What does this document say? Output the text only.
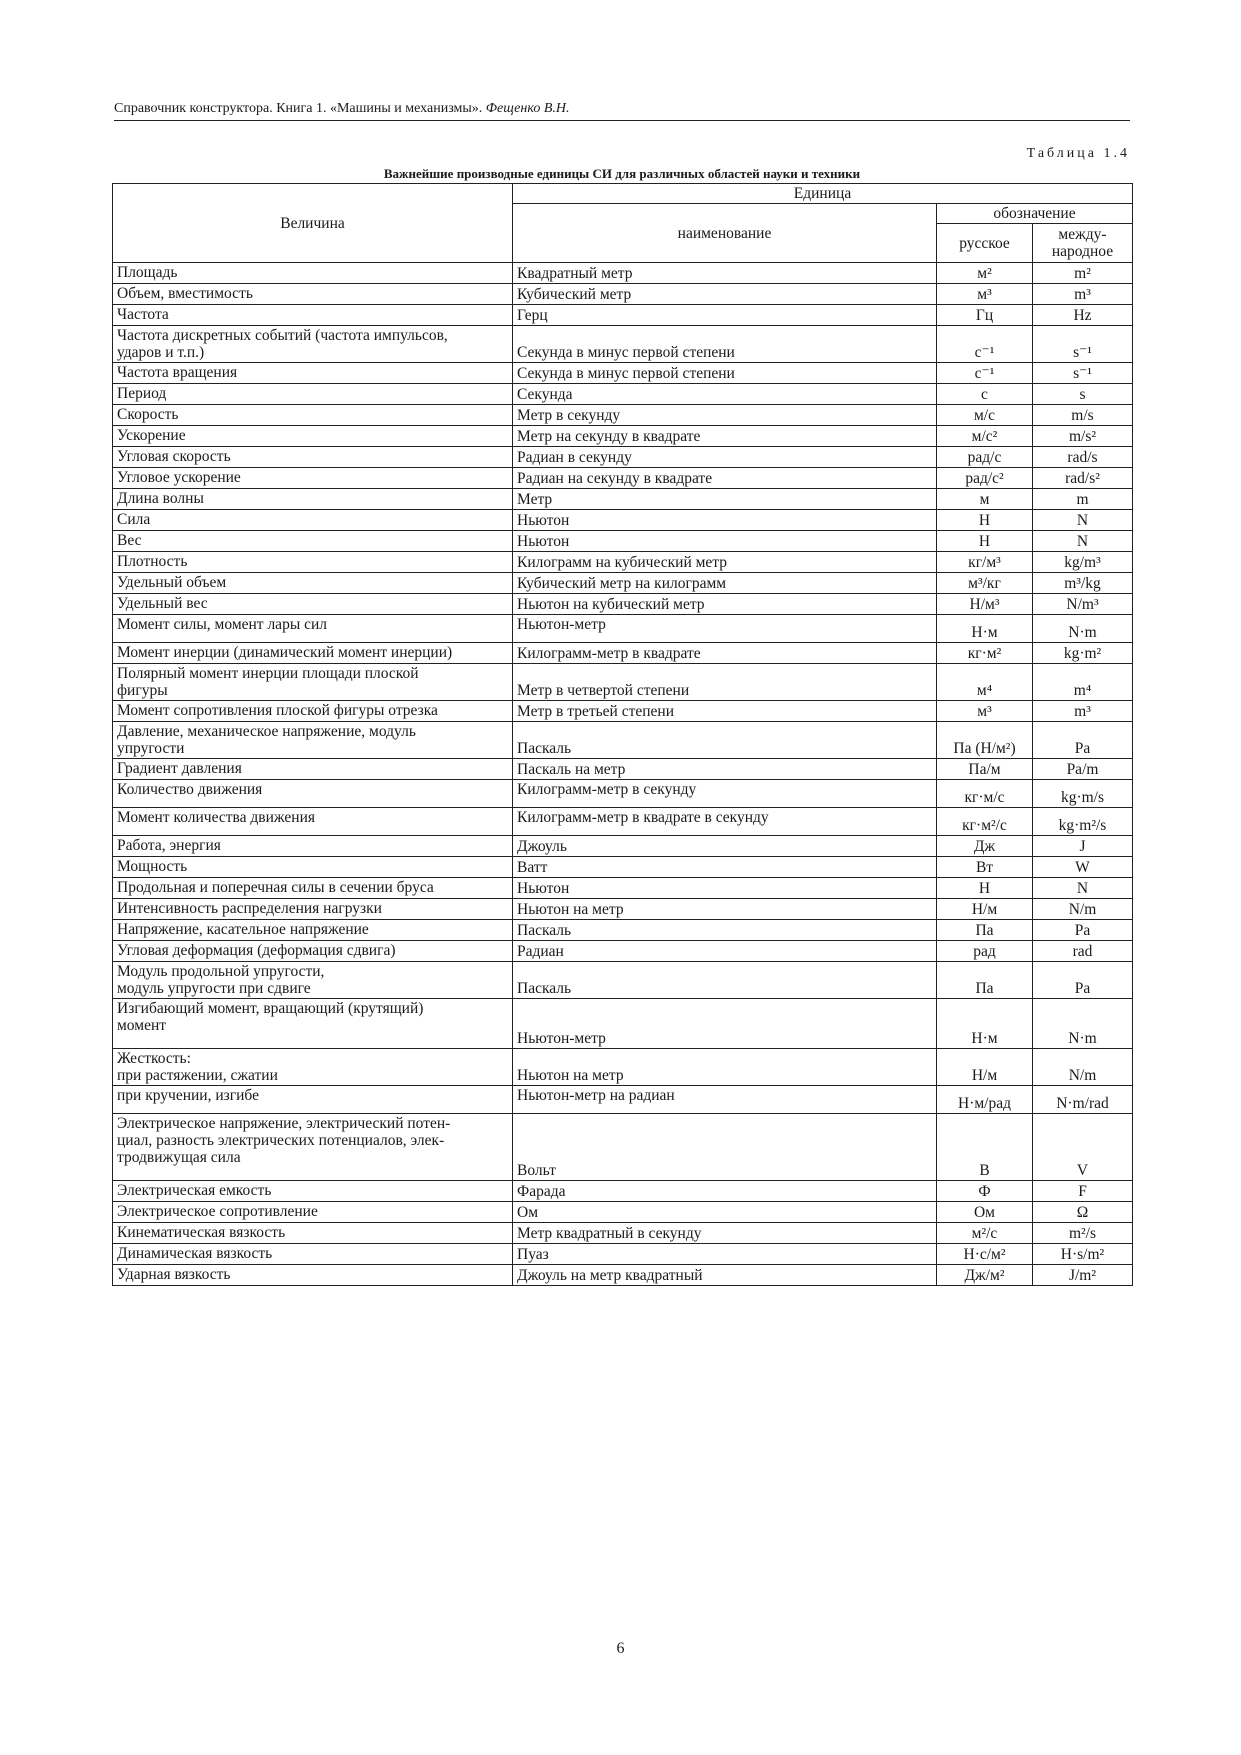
Справочник конструктора. Книга 1. «Машины и механизмы». Фещенко В.Н.
Таблица 1.4
Важнейшие производные единицы СИ для различных областей науки и техники
Величина	Единица		
	наименование	обозначение	
		русское	между-народное

Площадь	Квадратный метр	м²	m²

Объем, вместимость	Кубический метр	м³	m³

Частота	Герц	Гц	Hz

Частота дискретных событий (частота импульсов,
ударов и т.п.)	Секунда в минус первой степени	с⁻¹	s⁻¹

Частота вращения	Секунда в минус первой степени	с⁻¹	s⁻¹

Период	Секунда	с	s

Скорость	Метр в секунду	м/с	m/s

Ускорение	Метр на секунду в квадрате	м/с²	m/s²

Угловая скорость	Радиан в секунду	рад/с	rad/s

Угловое ускорение	Радиан на секунду в квадрате	рад/с²	rad/s²

Длина волны	Метр	м	m

Сила	Ньютон	Н	N

Вес	Ньютон	Н	N

Плотность	Килограмм на кубический метр	кг/м³	kg/m³

Удельный объем	Кубический метр на килограмм	м³/кг	m³/kg

Удельный вес	Ньютон на кубический метр	Н/м³	N/m³

Момент силы, момент лары сил	Ньютон-метр	Н·м	N·m

Момент инерции (динамический момент инерции)	Килограмм-метр в квадрате	кг·м²	kg·m²

Полярный момент инерции площади плоской
фигуры	Метр в четвертой степени	м⁴	m⁴

Момент сопротивления плоской фигуры отрезка	Метр в третьей степени	м³	m³

Давление, механическое напряжение, модуль
упругости	Паскаль	Па (Н/м²)	Pa

Градиент давления	Паскаль на метр	Па/м	Pa/m

Количество движения	Килограмм-метр в секунду	кг·м/с	kg·m/s

Момент количества движения	Килограмм-метр в квадрате в секунду	кг·м²/с	kg·m²/s

Работа, энергия	Джоуль	Дж	J

Мощность	Ватт	Вт	W

Продольная и поперечная силы в сечении бруса	Ньютон	Н	N

Интенсивность распределения нагрузки	Ньютон на метр	Н/м	N/m

Напряжение, касательное напряжение	Паскаль	Па	Pa

Угловая деформация (деформация сдвига)	Радиан	рад	rad

Модуль продольной упругости,
модуль упругости при сдвиге	Паскаль	Па	Pa

Изгибающий момент, вращающий (крутящий)
момент	Ньютон-метр	Н·м	N·m

Жесткость:
при растяжении, сжатии	Ньютон на метр	Н/м	N/m

при кручении, изгибе	Ньютон-метр на радиан	Н·м/рад	N·m/rad

Электрическое напряжение, электрический потен-
циал, разность электрических потенциалов, элек-
тродвижущая сила	Вольт	В	V

Электрическая емкость	Фарада	Ф	F

Электрическое сопротивление	Ом	Ом	Ω

Кинематическая вязкость	Метр квадратный в секунду	м²/с	m²/s

Динамическая вязкость	Пуаз	Н·с/м²	H·s/m²

Ударная вязкость	Джоуль на метр квадратный	Дж/м²	J/m²
6
